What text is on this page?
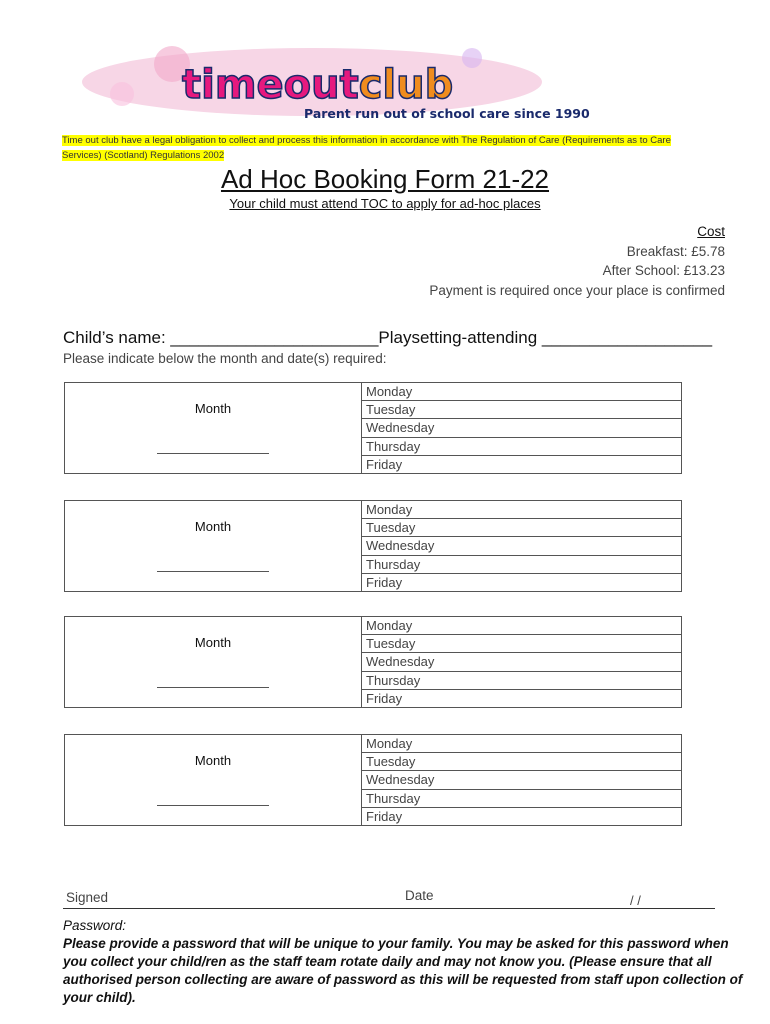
timeoutclub
Parent run out of school care since 1990
Time out club have a legal obligation to collect and process this information in accordance with The Regulation of Care (Requirements as to Care Services) (Scotland) Regulations 2002
Ad Hoc Booking Form 21-22
Your child must attend TOC to apply for ad-hoc places
Cost
Breakfast: £5.78
After School: £13.23
Payment is required once your place is confirmed
Child’s name: ______________________Playsetting-attending __________________
Please indicate below the month and date(s) required:
Month
Monday
Tuesday
Wednesday
Thursday
Friday
Month
Monday
Tuesday
Wednesday
Thursday
Friday
Month
Monday
Tuesday
Wednesday
Thursday
Friday
Month
Monday
Tuesday
Wednesday
Thursday
Friday
Signed	Date	/ /
Password:
Please provide a password that will be unique to your family. You may be asked for this password when you collect your child/ren as the staff team rotate daily and may not know you. (Please ensure that all authorised person collecting are aware of password as this will be requested from staff upon collection of your child).
